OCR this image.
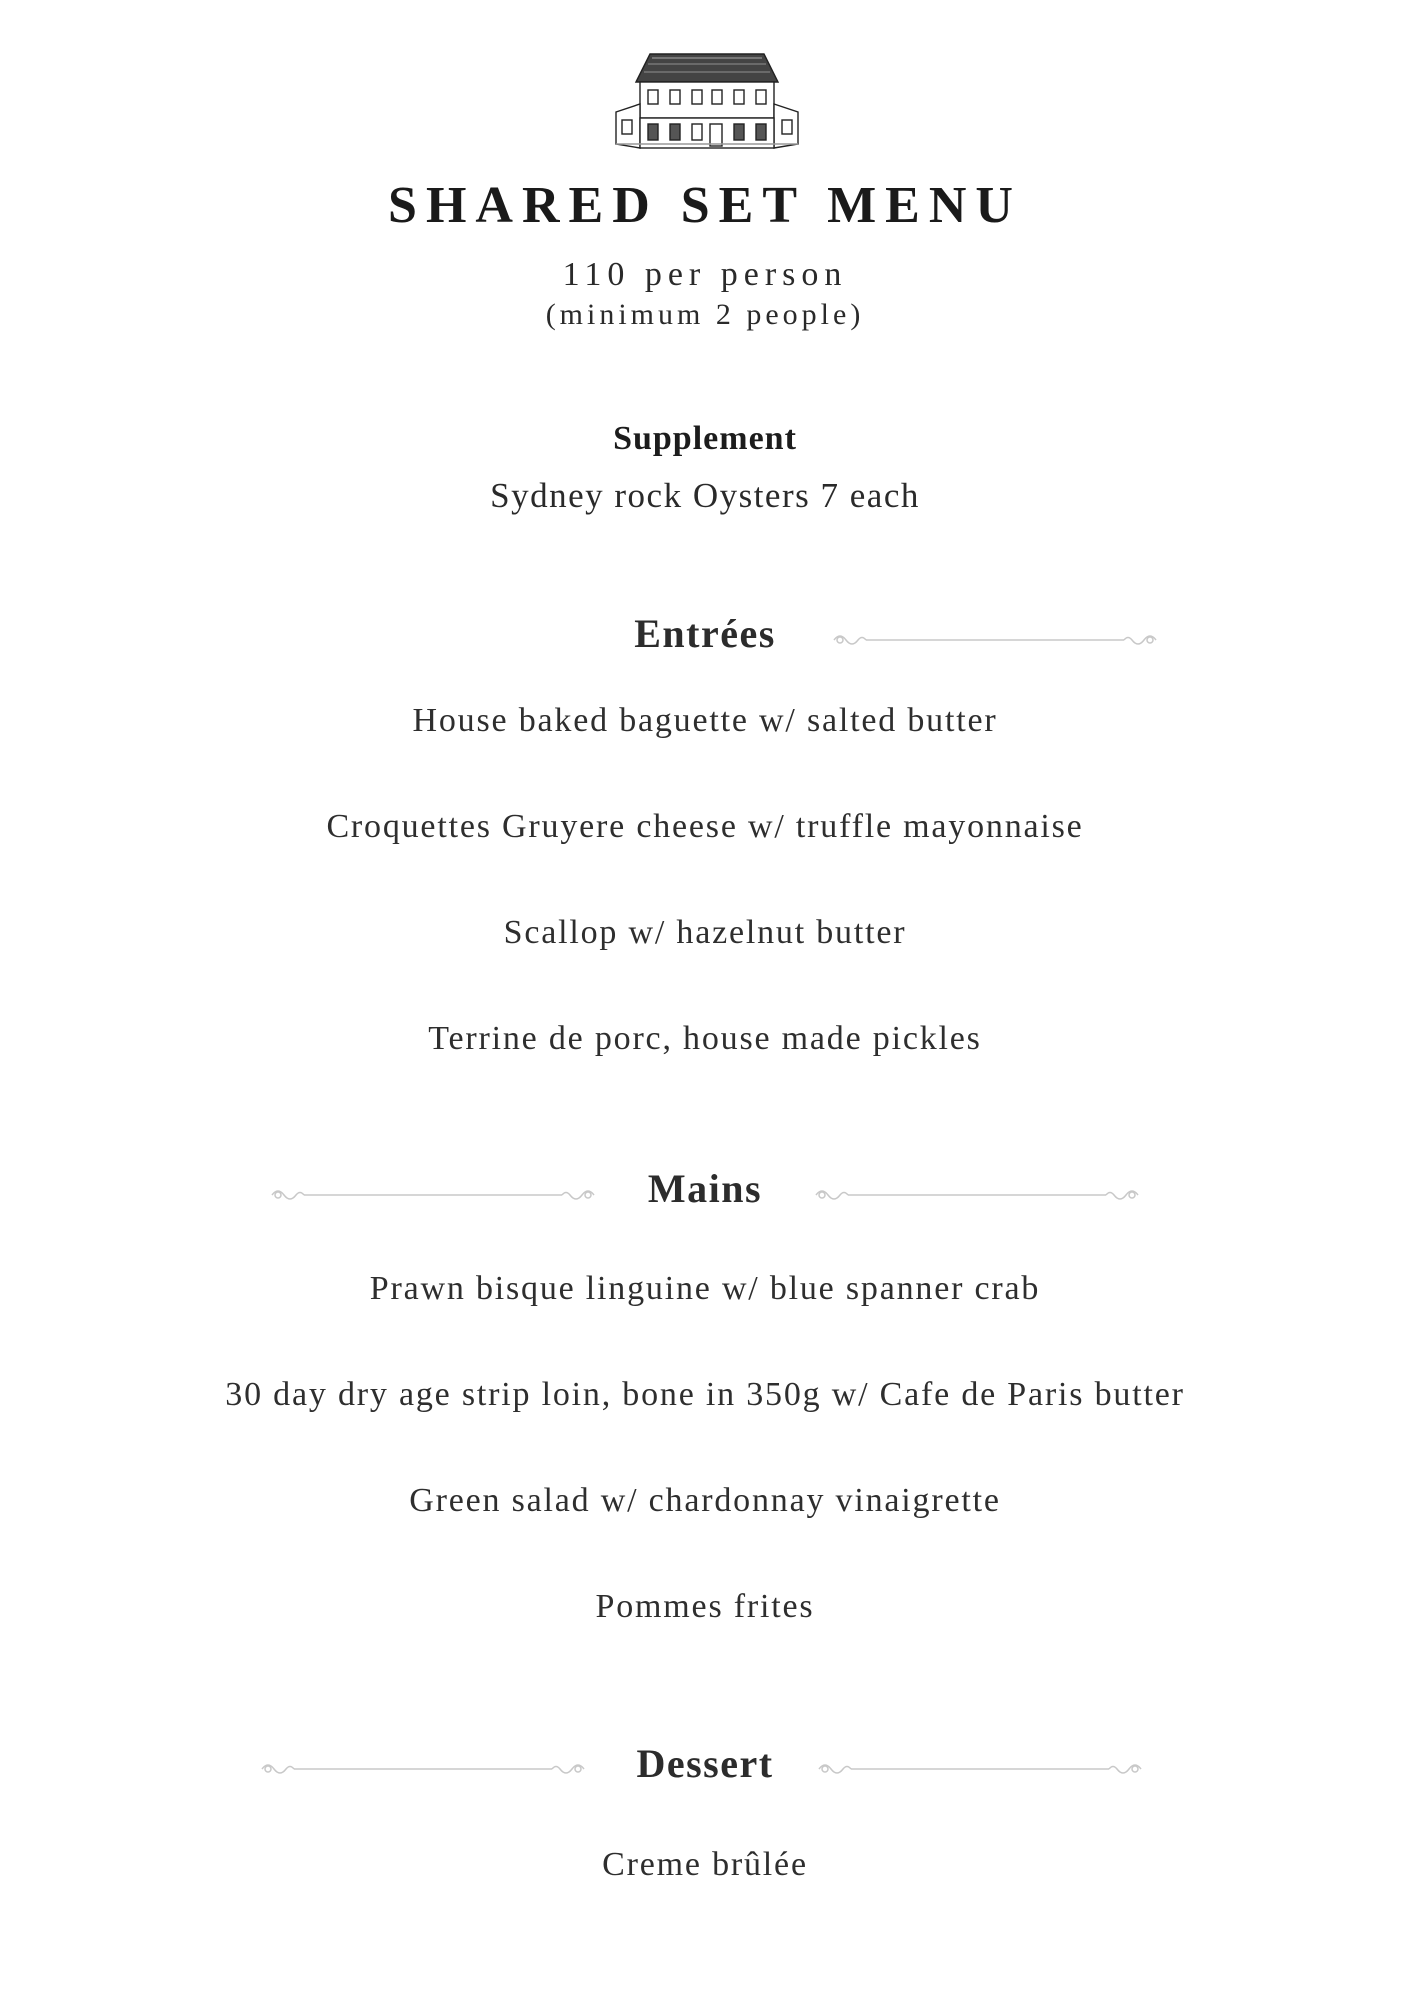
SHARED SET MENU
110 per person
(minimum 2 people)
Supplement
Sydney rock Oysters 7 each
Entrées
House baked baguette w/ salted butter
Croquettes Gruyere cheese w/ truffle mayonnaise
Scallop w/ hazelnut butter
Terrine de porc, house made pickles
Mains
Prawn bisque linguine w/ blue spanner crab
30 day dry age strip loin, bone in 350g w/ Cafe de Paris butter
Green salad w/ chardonnay vinaigrette
Pommes frites
Dessert
Creme brûlée
